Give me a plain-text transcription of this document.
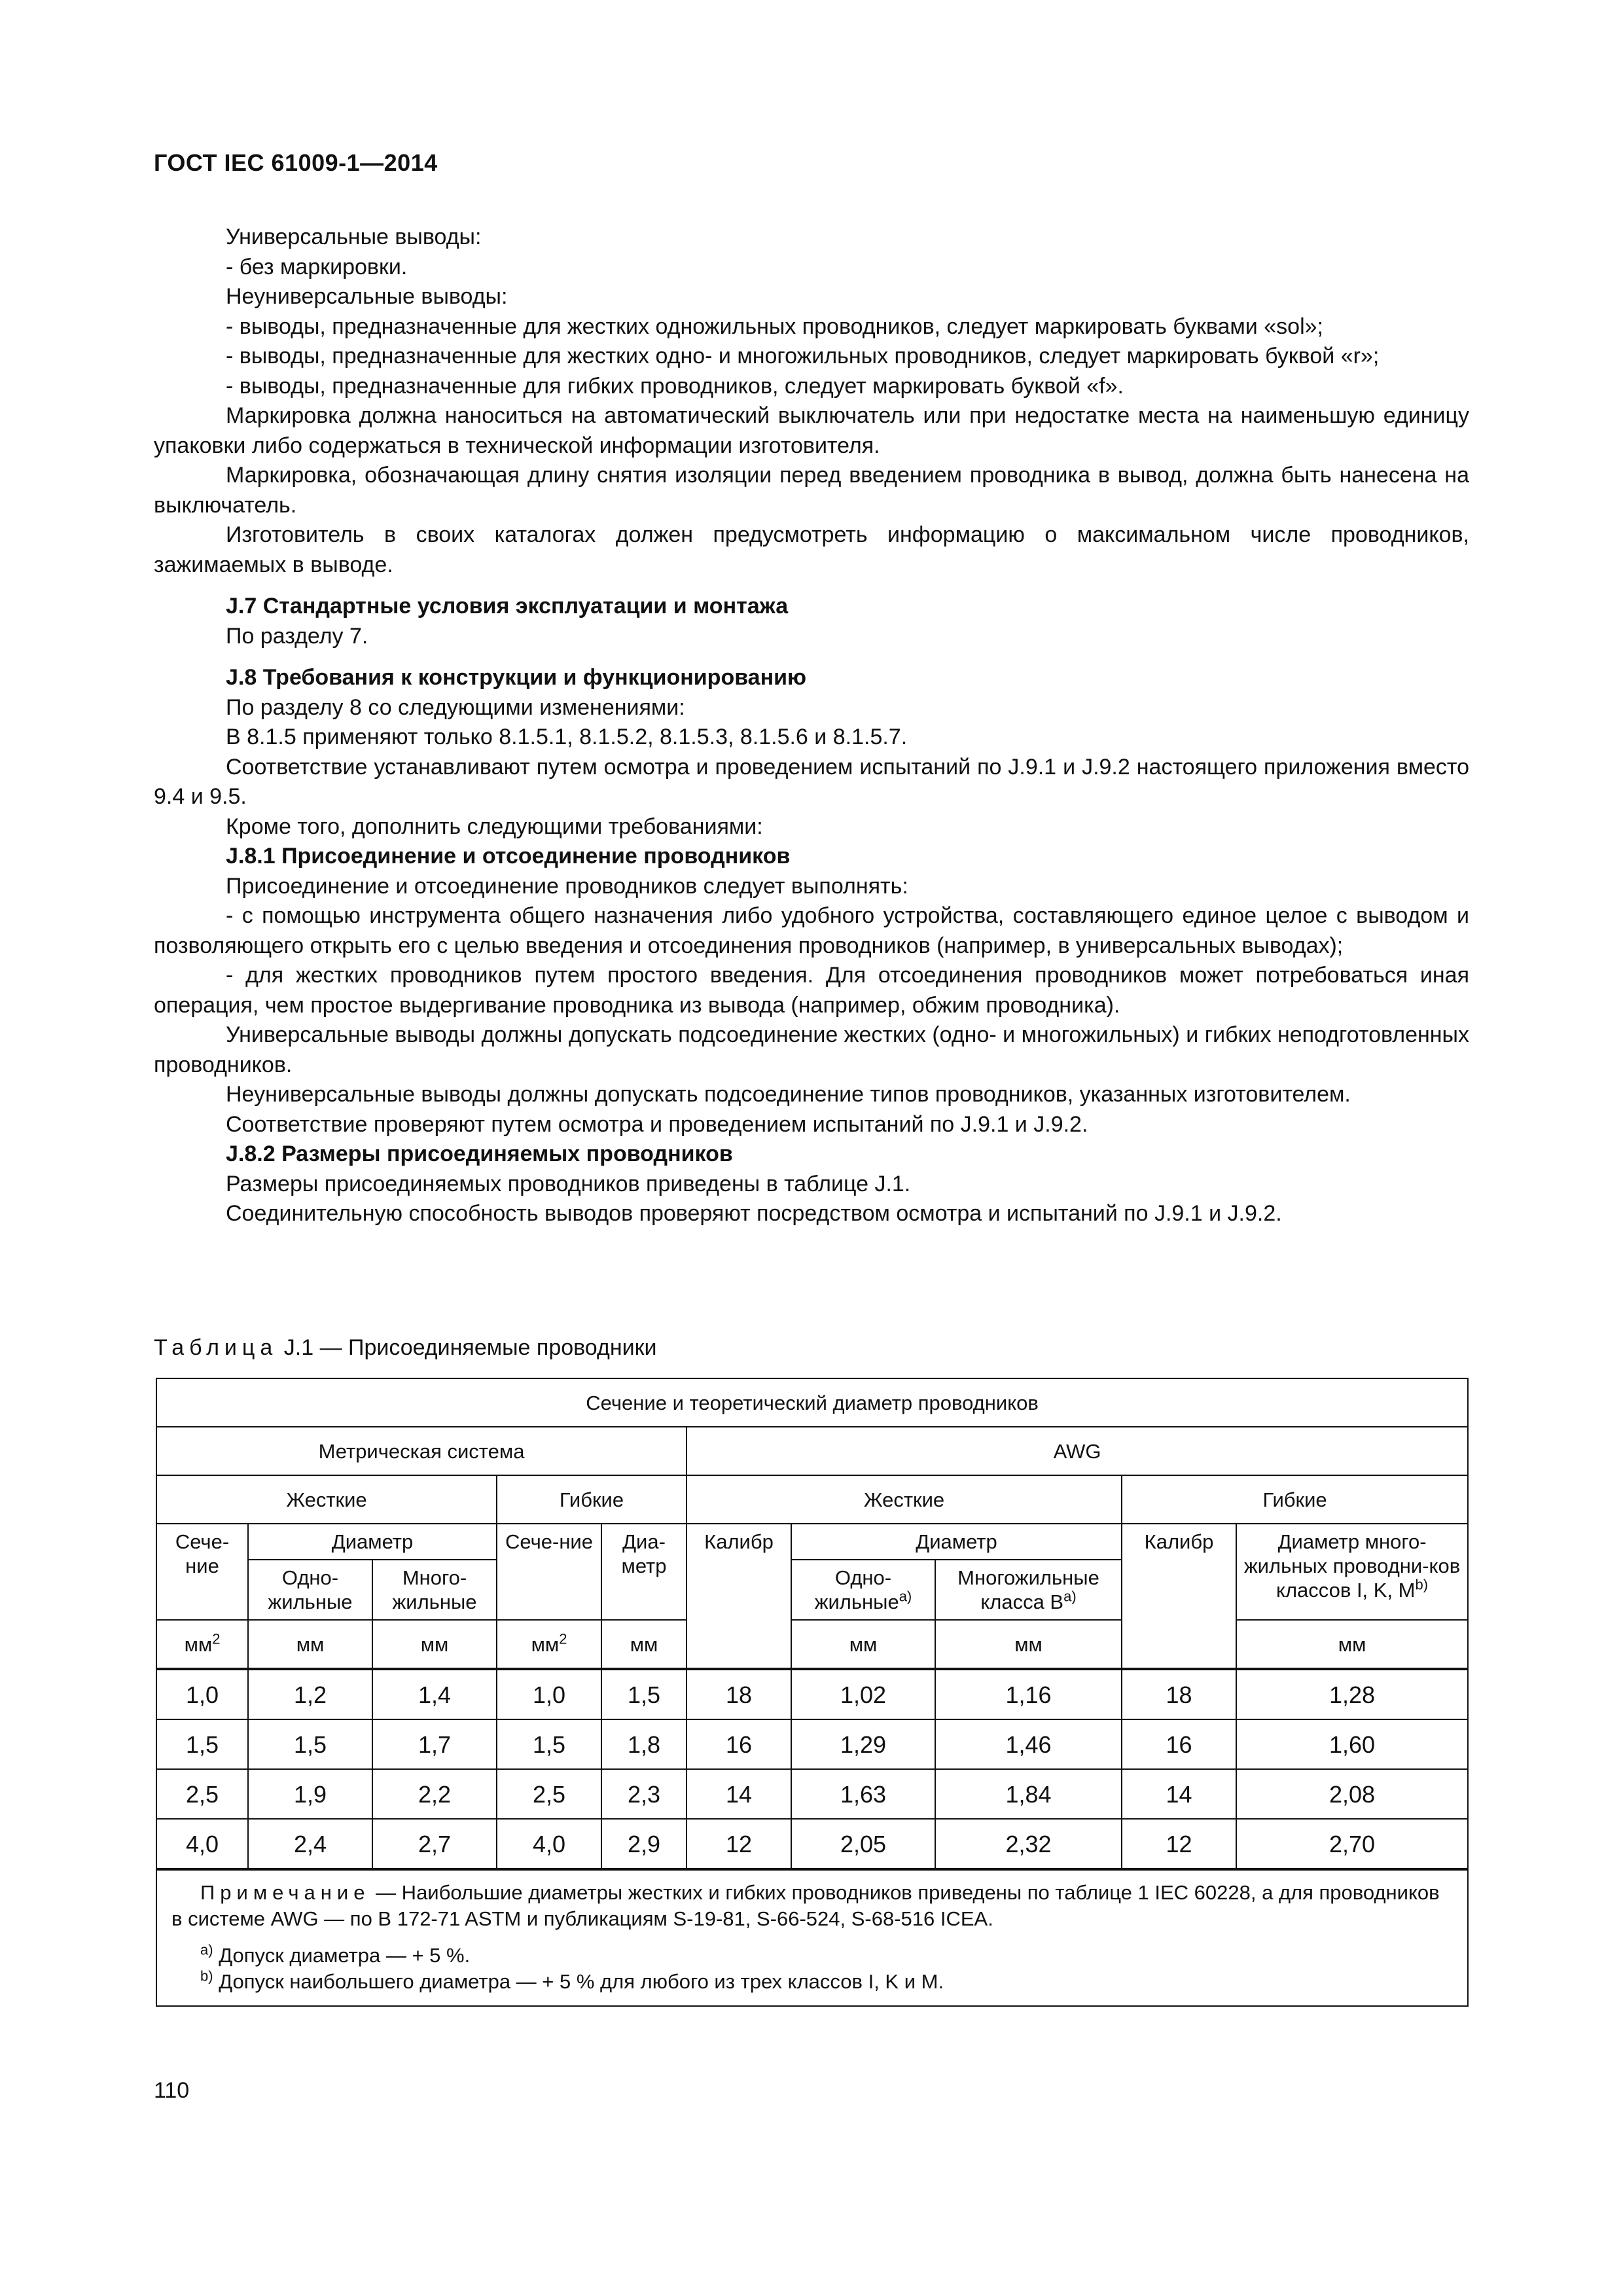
ГОСТ IEC 61009-1—2014

Универсальные выводы:

- без маркировки.

Неуниверсальные выводы:

- выводы, предназначенные для жестких одножильных проводников, следует маркировать буквами «sol»;

- выводы, предназначенные для жестких одно- и многожильных проводников, следует маркировать буквой «r»;

- выводы, предназначенные для гибких проводников, следует маркировать буквой «f».

Маркировка должна наноситься на автоматический выключатель или при недостатке места на наименьшую единицу упаковки либо содержаться в технической информации изготовителя.

Маркировка, обозначающая длину снятия изоляции перед введением проводника в вывод, должна быть нанесена на выключатель.

Изготовитель в своих каталогах должен предусмотреть информацию о максимальном числе проводников, зажимаемых в выводе.

J.7 Стандартные условия эксплуатации и монтажа

По разделу 7.

J.8 Требования к конструкции и функционированию

По разделу 8 со следующими изменениями:

В 8.1.5 применяют только 8.1.5.1, 8.1.5.2, 8.1.5.3, 8.1.5.6 и 8.1.5.7.

Соответствие устанавливают путем осмотра и проведением испытаний по J.9.1 и J.9.2 настоящего приложения вместо 9.4 и 9.5.

Кроме того, дополнить следующими требованиями:

J.8.1 Присоединение и отсоединение проводников

Присоединение и отсоединение проводников следует выполнять:

- с помощью инструмента общего назначения либо удобного устройства, составляющего единое целое с выводом и позволяющего открыть его с целью введения и отсоединения проводников (например, в универсальных выводах);

- для жестких проводников путем простого введения. Для отсоединения проводников может потребоваться иная операция, чем простое выдергивание проводника из вывода (например, обжим проводника).

Универсальные выводы должны допускать подсоединение жестких (одно- и многожильных) и гибких неподготовленных проводников.

Неуниверсальные выводы должны допускать подсоединение типов проводников, указанных изготовителем.

Соответствие проверяют путем осмотра и проведением испытаний по J.9.1 и J.9.2.

J.8.2 Размеры присоединяемых проводников

Размеры присоединяемых проводников приведены в таблице J.1.

Соединительную способность выводов проверяют посредством осмотра и испытаний по J.9.1 и J.9.2.

Таблица J.1 — Присоединяемые проводники
Сечение и теоретический диаметр проводников									
Метрическая система					AWG				
Жесткие			Гибкие		Жесткие			Гибкие	
Сече-ние	Диаметр		Сече-ние	Диа-метр	Калибр	Диаметр		Калибр	Диаметр много-жильных проводни-ков классов I, K, $M^{b)}$
	Одно-жильные	Много-жильные				Одно-жильные$^{a)}$	Многожильные класса $B^{a)}$
$мм^2$	мм	мм	$мм^2$	мм		мм	мм		мм
1,0	1,2	1,4	1,0	1,5	18	1,02	1,16	18	1,28
1,5	1,5	1,7	1,5	1,8	16	1,29	1,46	16	1,60
2,5	1,9	2,2	2,5	2,3	14	1,63	1,84	14	2,08
4,0	2,4	2,7	4,0	2,9	12	2,05	2,32	12	2,70

Примечание — Наибольшие диаметры жестких и гибких проводников приведены по таблице 1 IEC 60228, а для проводников в системе AWG — по B 172-71 ASTM и публикациям S-19-81, S-66-524, S-68-516 ICEA.

$^{a)}$ Допуск диаметра — + 5 %.

$^{b)}$ Допуск наибольшего диаметра — + 5 % для любого из трех классов I, K и M.									

110
